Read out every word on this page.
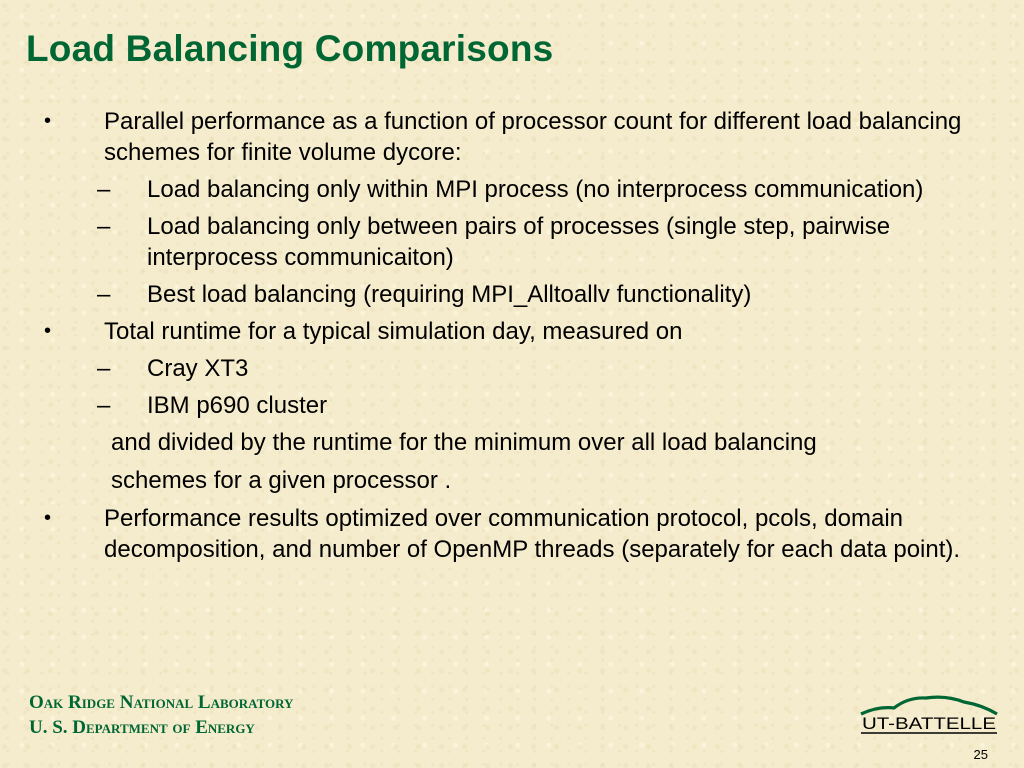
Load Balancing Comparisons
• Parallel performance as a function of processor count for different load balancing schemes for finite volume dycore:
– Load balancing only within MPI process (no interprocess communication)
– Load balancing only between pairs of processes (single step, pairwise interprocess communicaiton)
– Best load balancing (requiring MPI_Alltoallv functionality)
• Total runtime for a typical simulation day, measured on
– Cray XT3
– IBM p690 cluster
and divided by the runtime for the minimum over all load balancing
schemes for a given processor .
• Performance results optimized over communication protocol, pcols, domain decomposition, and number of OpenMP threads (separately for each data point).
Oak Ridge National Laboratory
U. S. Department of Energy	UT-BATTELLE
25
